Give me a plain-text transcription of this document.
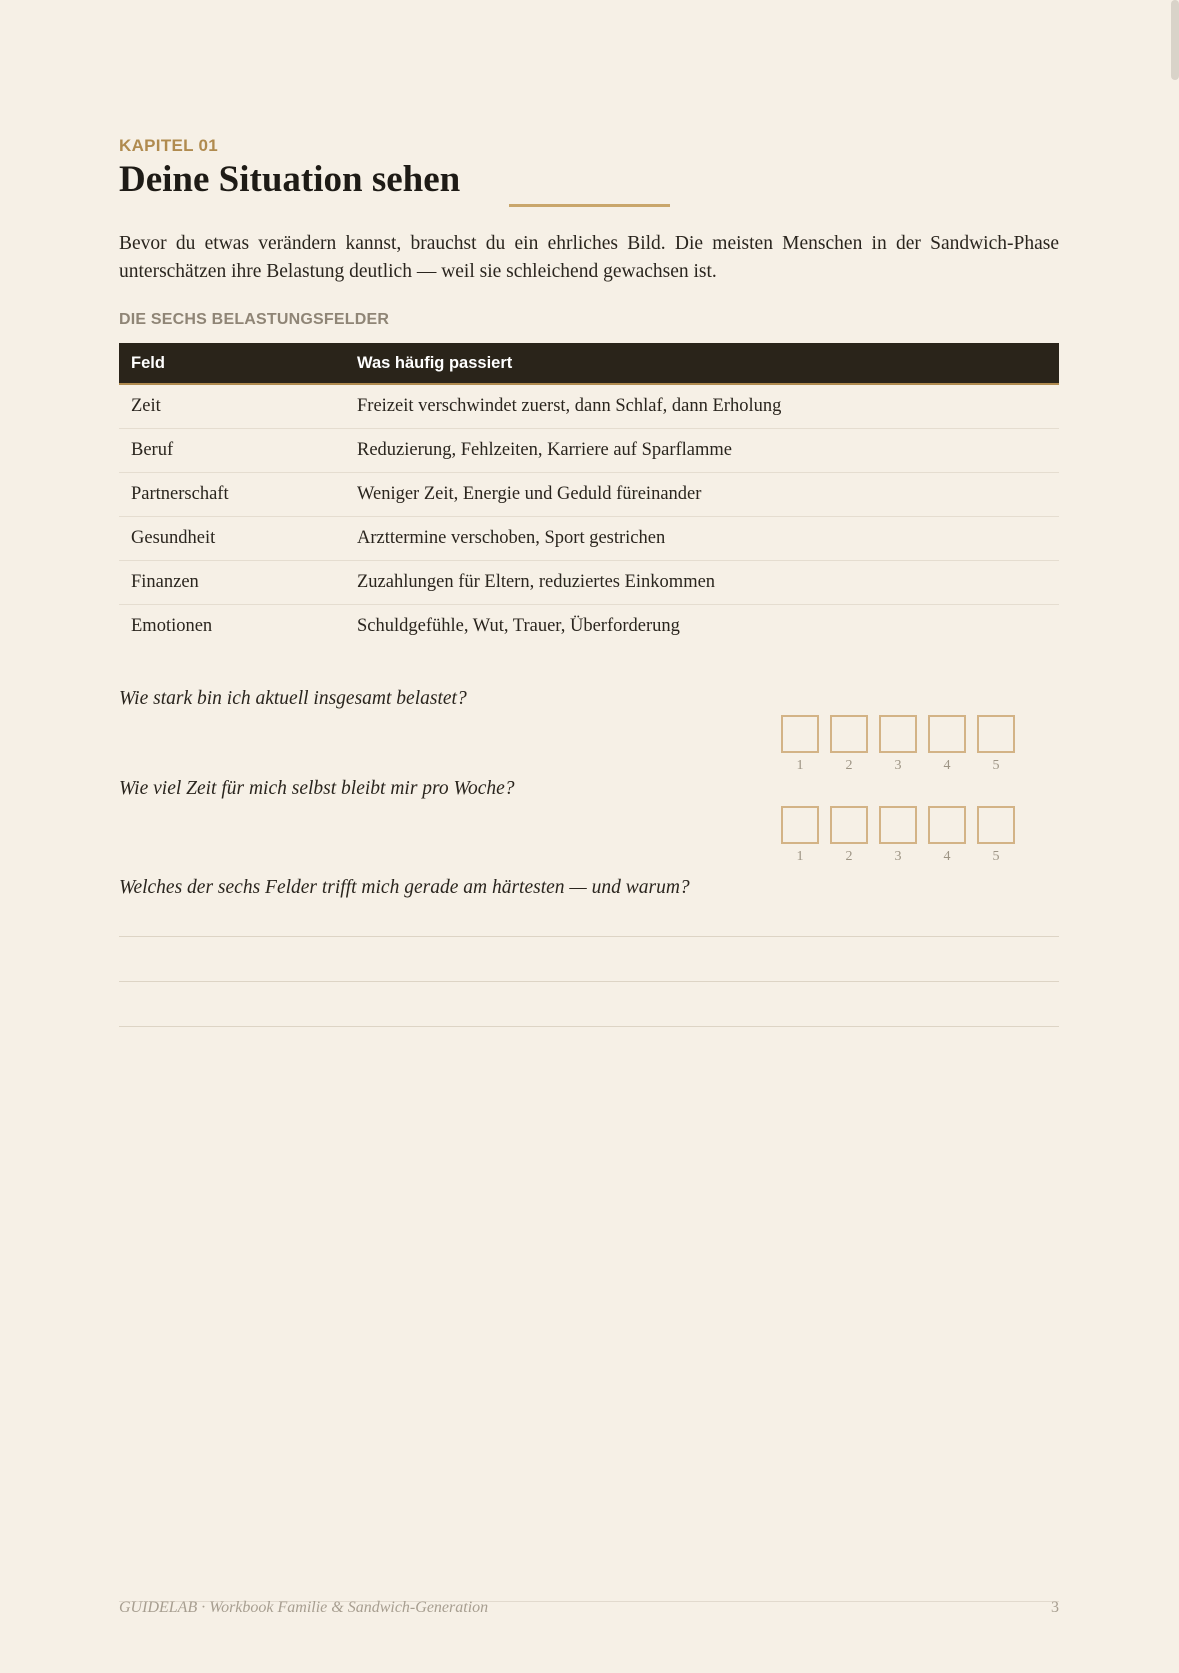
KAPITEL 01
Deine Situation sehen

Bevor du etwas verändern kannst, brauchst du ein ehrliches Bild. Die meisten Menschen in der Sandwich-Phase unterschätzen ihre Belastung deutlich — weil sie schleichend gewachsen ist.

DIE SECHS BELASTUNGSFELDER
Feld	Was häufig passiert
Zeit	Freizeit verschwindet zuerst, dann Schlaf, dann Erholung
Beruf	Reduzierung, Fehlzeiten, Karriere auf Sparflamme
Partnerschaft	Weniger Zeit, Energie und Geduld füreinander
Gesundheit	Arzttermine verschoben, Sport gestrichen
Finanzen	Zuzahlungen für Eltern, reduziertes Einkommen
Emotionen	Schuldgefühle, Wut, Trauer, Überforderung

Wie stark bin ich aktuell insgesamt belastet?

1	2	3	4	5

Wie viel Zeit für mich selbst bleibt mir pro Woche?

1	2	3	4	5

Welches der sechs Felder trifft mich gerade am härtesten — und warum?

GUIDELAB · Workbook Familie & Sandwich-Generation	3
